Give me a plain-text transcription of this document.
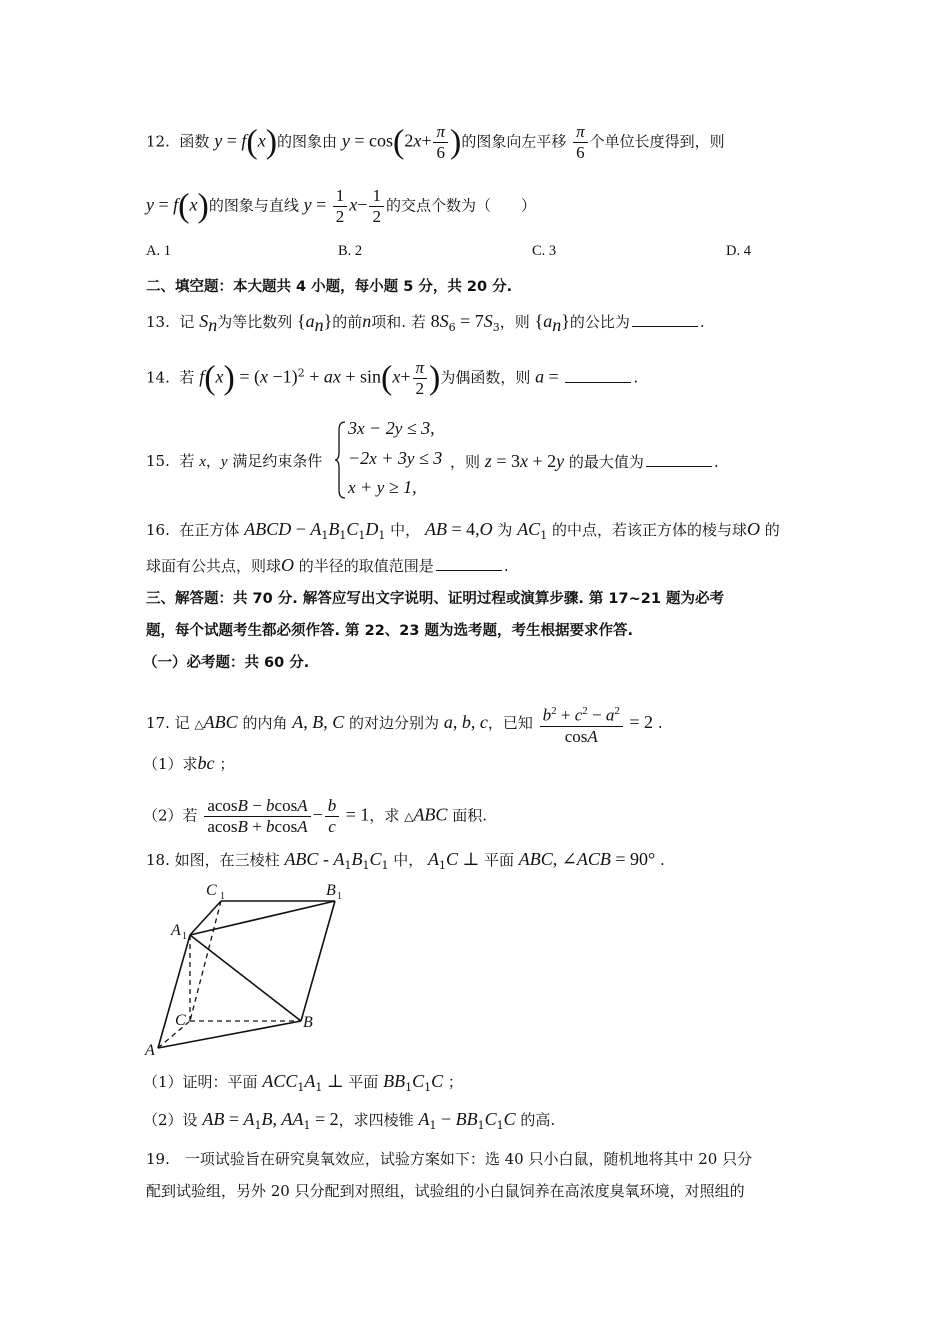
12. 函数 y = f(x)的图象由 $y = \cos(2x+ \frac{\pi}{6}$ )的图象向左平移 $\frac{\pi}{6}$ 个单位长度得到，则
y = f(x)的图象与直线 $y = \frac{1}{2} x- \frac{1}{2}$ 的交点个数为（　　）
A. 1	B. 2	C. 3	D. 4
二、填空题：本大题共 4 小题，每小题 5 分，共 20 分.
13. 记 $S_n$为等比数列 $\{a_n\}$的前n项和. 若 $8S_6 = 7S_3$，则 $\{a_n\}$的公比为	.
14. 若 $f(x) = (x -1)^2$ + ax + $\sin(x+ \frac{\pi}{2}$ )为偶函数，则 a =	.
15. 若 x，y 满足约束条件
3x − 2y ≤ 3,
−2x + 3y ≤ 3
x + y ≥ 1,
，则 z = 3x + 2y 的最大值为	.
16. 在正方体 ABCD − $A_1B_1C_1D_1$ 中， AB = 4,O 为 $AC_1$ 的中点，若该正方体的棱与球O 的
球面有公共点，则球O 的半径的取值范围是	.
三、解答题：共 70 分. 解答应写出文字说明、证明过程或演算步骤. 第 17~21 题为必考
题，每个试题考生都必须作答. 第 22、23 题为选考题，考生根据要求作答.
（一）必考题：共 60 分.
17. 记 △ABC 的内角 A, B, C 的对边分别为 a, b, c，已知 $\frac{b^2 + c^2 - a^2}{\cos A} = 2$ .
（1）求bc ；
（2）若 $\frac{acosB - bcosA}{acosB + bcosA} - \frac{b}{c} = 1$，求 △ABC 面积.
18. 如图，在三棱柱 ABC - $A_1B_1C_1$ 中， $A_1C$ ⊥ 平面 ABC, ∠ACB = 90° .
C 1	B 1
A 1
C	B
A
（1）证明：平面 $ACC_1A_1$ ⊥ 平面 $BB_1C_1C$ ；
（2）设 AB = $A_1B$, $AA_1 = 2$，求四棱锥 $A_1 - BB_1C_1C$ 的高.
19.　一项试验旨在研究臭氧效应，试验方案如下：选 40 只小白鼠，随机地将其中 20 只分
配到试验组，另外 20 只分配到对照组，试验组的小白鼠饲养在高浓度臭氧环境，对照组的
